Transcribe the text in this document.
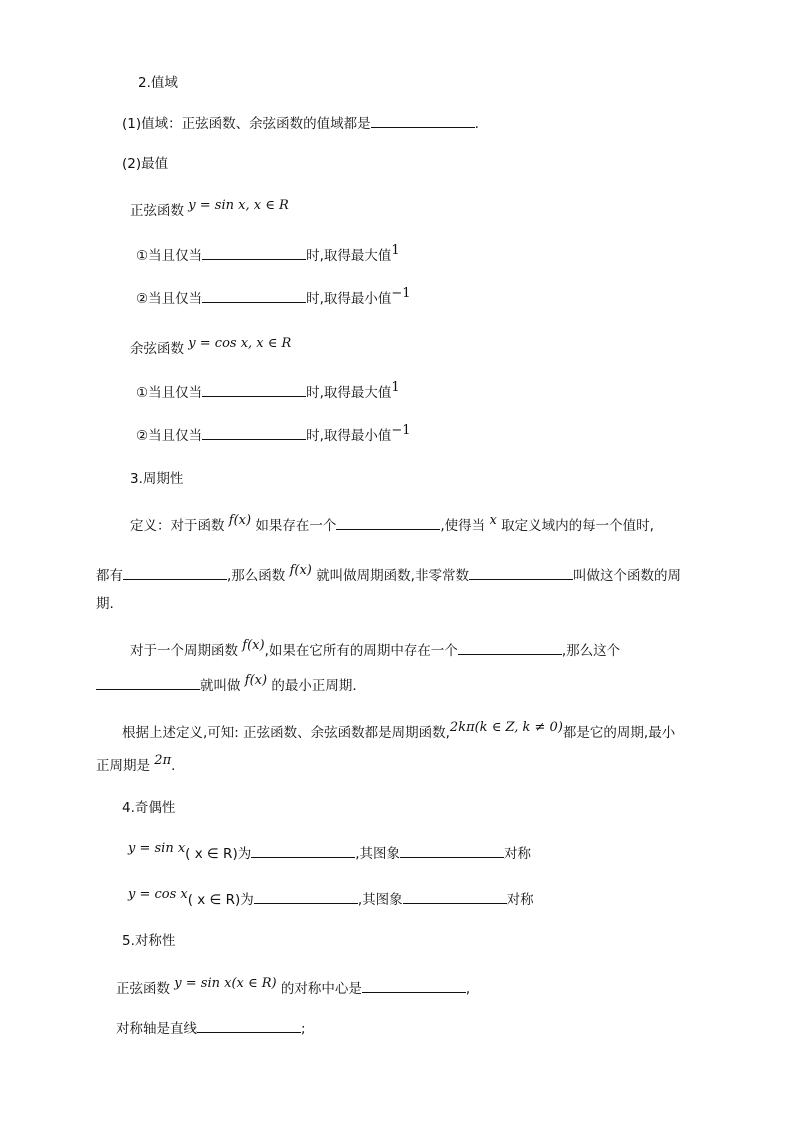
2.值域
(1)值域：正弦函数、余弦函数的值域都是	.
(2)最值
正弦函数 y = sin x, x ∈ R
①当且仅当	时,取得最大值1
②当且仅当	时,取得最小值−1
余弦函数 y = cos x, x ∈ R
①当且仅当	时,取得最大值1
②当且仅当	时,取得最小值−1
3.周期性
定义：对于函数 f(x) 如果存在一个	,使得当 x 取定义域内的每一个值时,
都有	,那么函数 f(x) 就叫做周期函数,非零常数	叫做这个函数的周
期.
对于一个周期函数 f(x),如果在它所有的周期中存在一个	,那么这个
就叫做 f(x) 的最小正周期.
根据上述定义,可知: 正弦函数、余弦函数都是周期函数,2kπ(k ∈ Z, k ≠ 0)都是它的周期,最小
正周期是 2π.
4.奇偶性
y = sin x( x ∈ R)为	,其图象	对称
y = cos x( x ∈ R)为	,其图象	对称
5.对称性
正弦函数 y = sin x(x ∈ R) 的对称中心是	,
对称轴是直线	;
